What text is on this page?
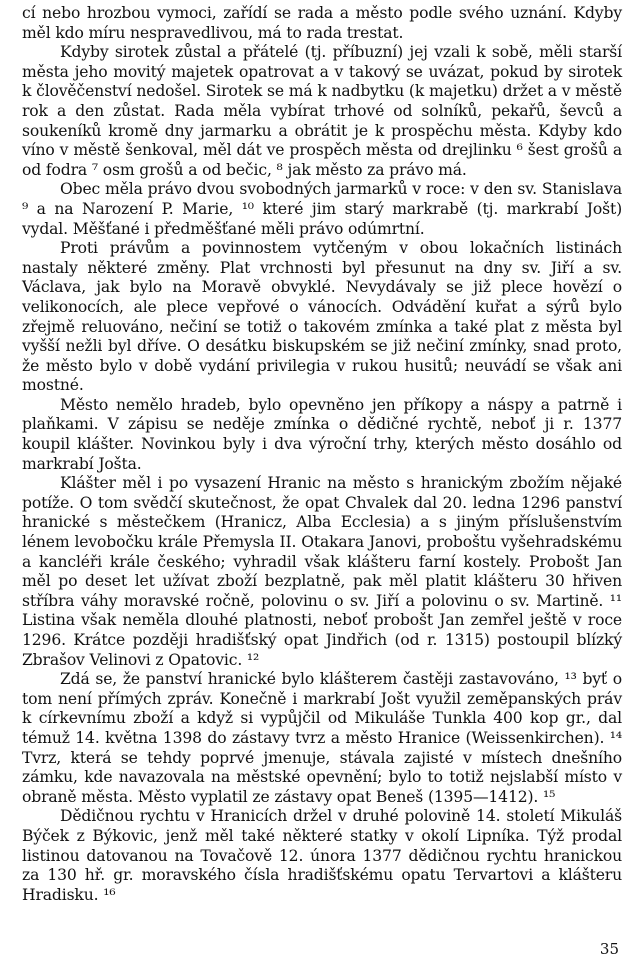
cí nebo hrozbou vymoci, zařídí se rada a město podle svého uznání. Kdyby měl kdo míru nespravedlivou, má to rada trestat.

Kdyby sirotek zůstal a přátelé (tj. příbuzní) jej vzali k sobě, měli starší města jeho movitý majetek opatrovat a v takový se uvázat, pokud by sirotek k člověčenství nedošel. Sirotek se má k nadbytku (k majetku) držet a v městě rok a den zůstat. Rada měla vybírat trhové od solníků, pekařů, ševců a soukeníků kromě dny jarmarku a obrátit je k prospěchu města. Kdyby kdo víno v městě šenkoval, měl dát ve prospěch města od drejlinku ⁶ šest grošů a od fodra ⁷ osm grošů a od bečic, ⁸ jak město za právo má.

Obec měla právo dvou svobodných jarmarků v roce: v den sv. Stanislava ⁹ a na Narození P. Marie, ¹⁰ které jim starý markrabě (tj. markrabí Jošt) vydal. Měšťané i předměšťané měli právo odúmrtní.

Proti právům a povinnostem vytčeným v obou lokačních listinách nastaly některé změny. Plat vrchnosti byl přesunut na dny sv. Jiří a sv. Václava, jak bylo na Moravě obvyklé. Nevydávaly se již plece hovězí o velikonocích, ale plece vepřové o vánocích. Odvádění kuřat a sýrů bylo zřejmě reluováno, nečiní se totiž o takovém zmínka a také plat z města byl vyšší nežli byl dříve. O desátku biskupském se již nečiní zmínky, snad proto, že město bylo v době vydání privilegia v rukou husitů; neuvádí se však ani mostné.

Město nemělo hradeb, bylo opevněno jen příkopy a náspy a patrně i plaňkami. V zápisu se neděje zmínka o dědičné rychtě, neboť ji r. 1377 koupil klášter. Novinkou byly i dva výroční trhy, kterých město dosáhlo od markrabí Jošta.

Klášter měl i po vysazení Hranic na město s hranickým zbožím nějaké potíže. O tom svědčí skutečnost, že opat Chvalek dal 20. ledna 1296 panství hranické s městečkem (Hranicz, Alba Ecclesia) a s jiným příslušenstvím lénem levobočku krále Přemysla II. Otakara Janovi, proboštu vyšehradskému a kancléři krále českého; vyhradil však klášteru farní kostely. Probošt Jan měl po deset let užívat zboží bezplatně, pak měl platit klášteru 30 hřiven stříbra váhy moravské ročně, polovinu o sv. Jiří a polovinu o sv. Martině. ¹¹ Listina však neměla dlouhé platnosti, neboť probošt Jan zemřel ještě v roce 1296. Krátce později hradišťský opat Jindřich (od r. 1315) postoupil blízký Zbrašov Velinovi z Opatovic. ¹²

Zdá se, že panství hranické bylo klášterem častěji zastavováno, ¹³ byť o tom není přímých zpráv. Konečně i markrabí Jošt využil zeměpanských práv k církevnímu zboží a když si vypůjčil od Mikuláše Tunkla 400 kop gr., dal témuž 14. května 1398 do zástavy tvrz a město Hranice (Weissenkirchen). ¹⁴ Tvrz, která se tehdy poprvé jmenuje, stávala zajisté v místech dnešního zámku, kde navazovala na městské opevnění; bylo to totiž nejslabší místo v obraně města. Město vyplatil ze zástavy opat Beneš (1395—1412). ¹⁵

Dědičnou rychtu v Hranicích držel v druhé polovině 14. století Mikuláš Býček z Býkovic, jenž měl také některé statky v okolí Lipníka. Týž prodal listinou datovanou na Tovačově 12. února 1377 dědičnou rychtu hranickou za 130 hř. gr. moravského čísla hradišťskému opatu Tervartovi a klášteru Hradisku. ¹⁶

35
